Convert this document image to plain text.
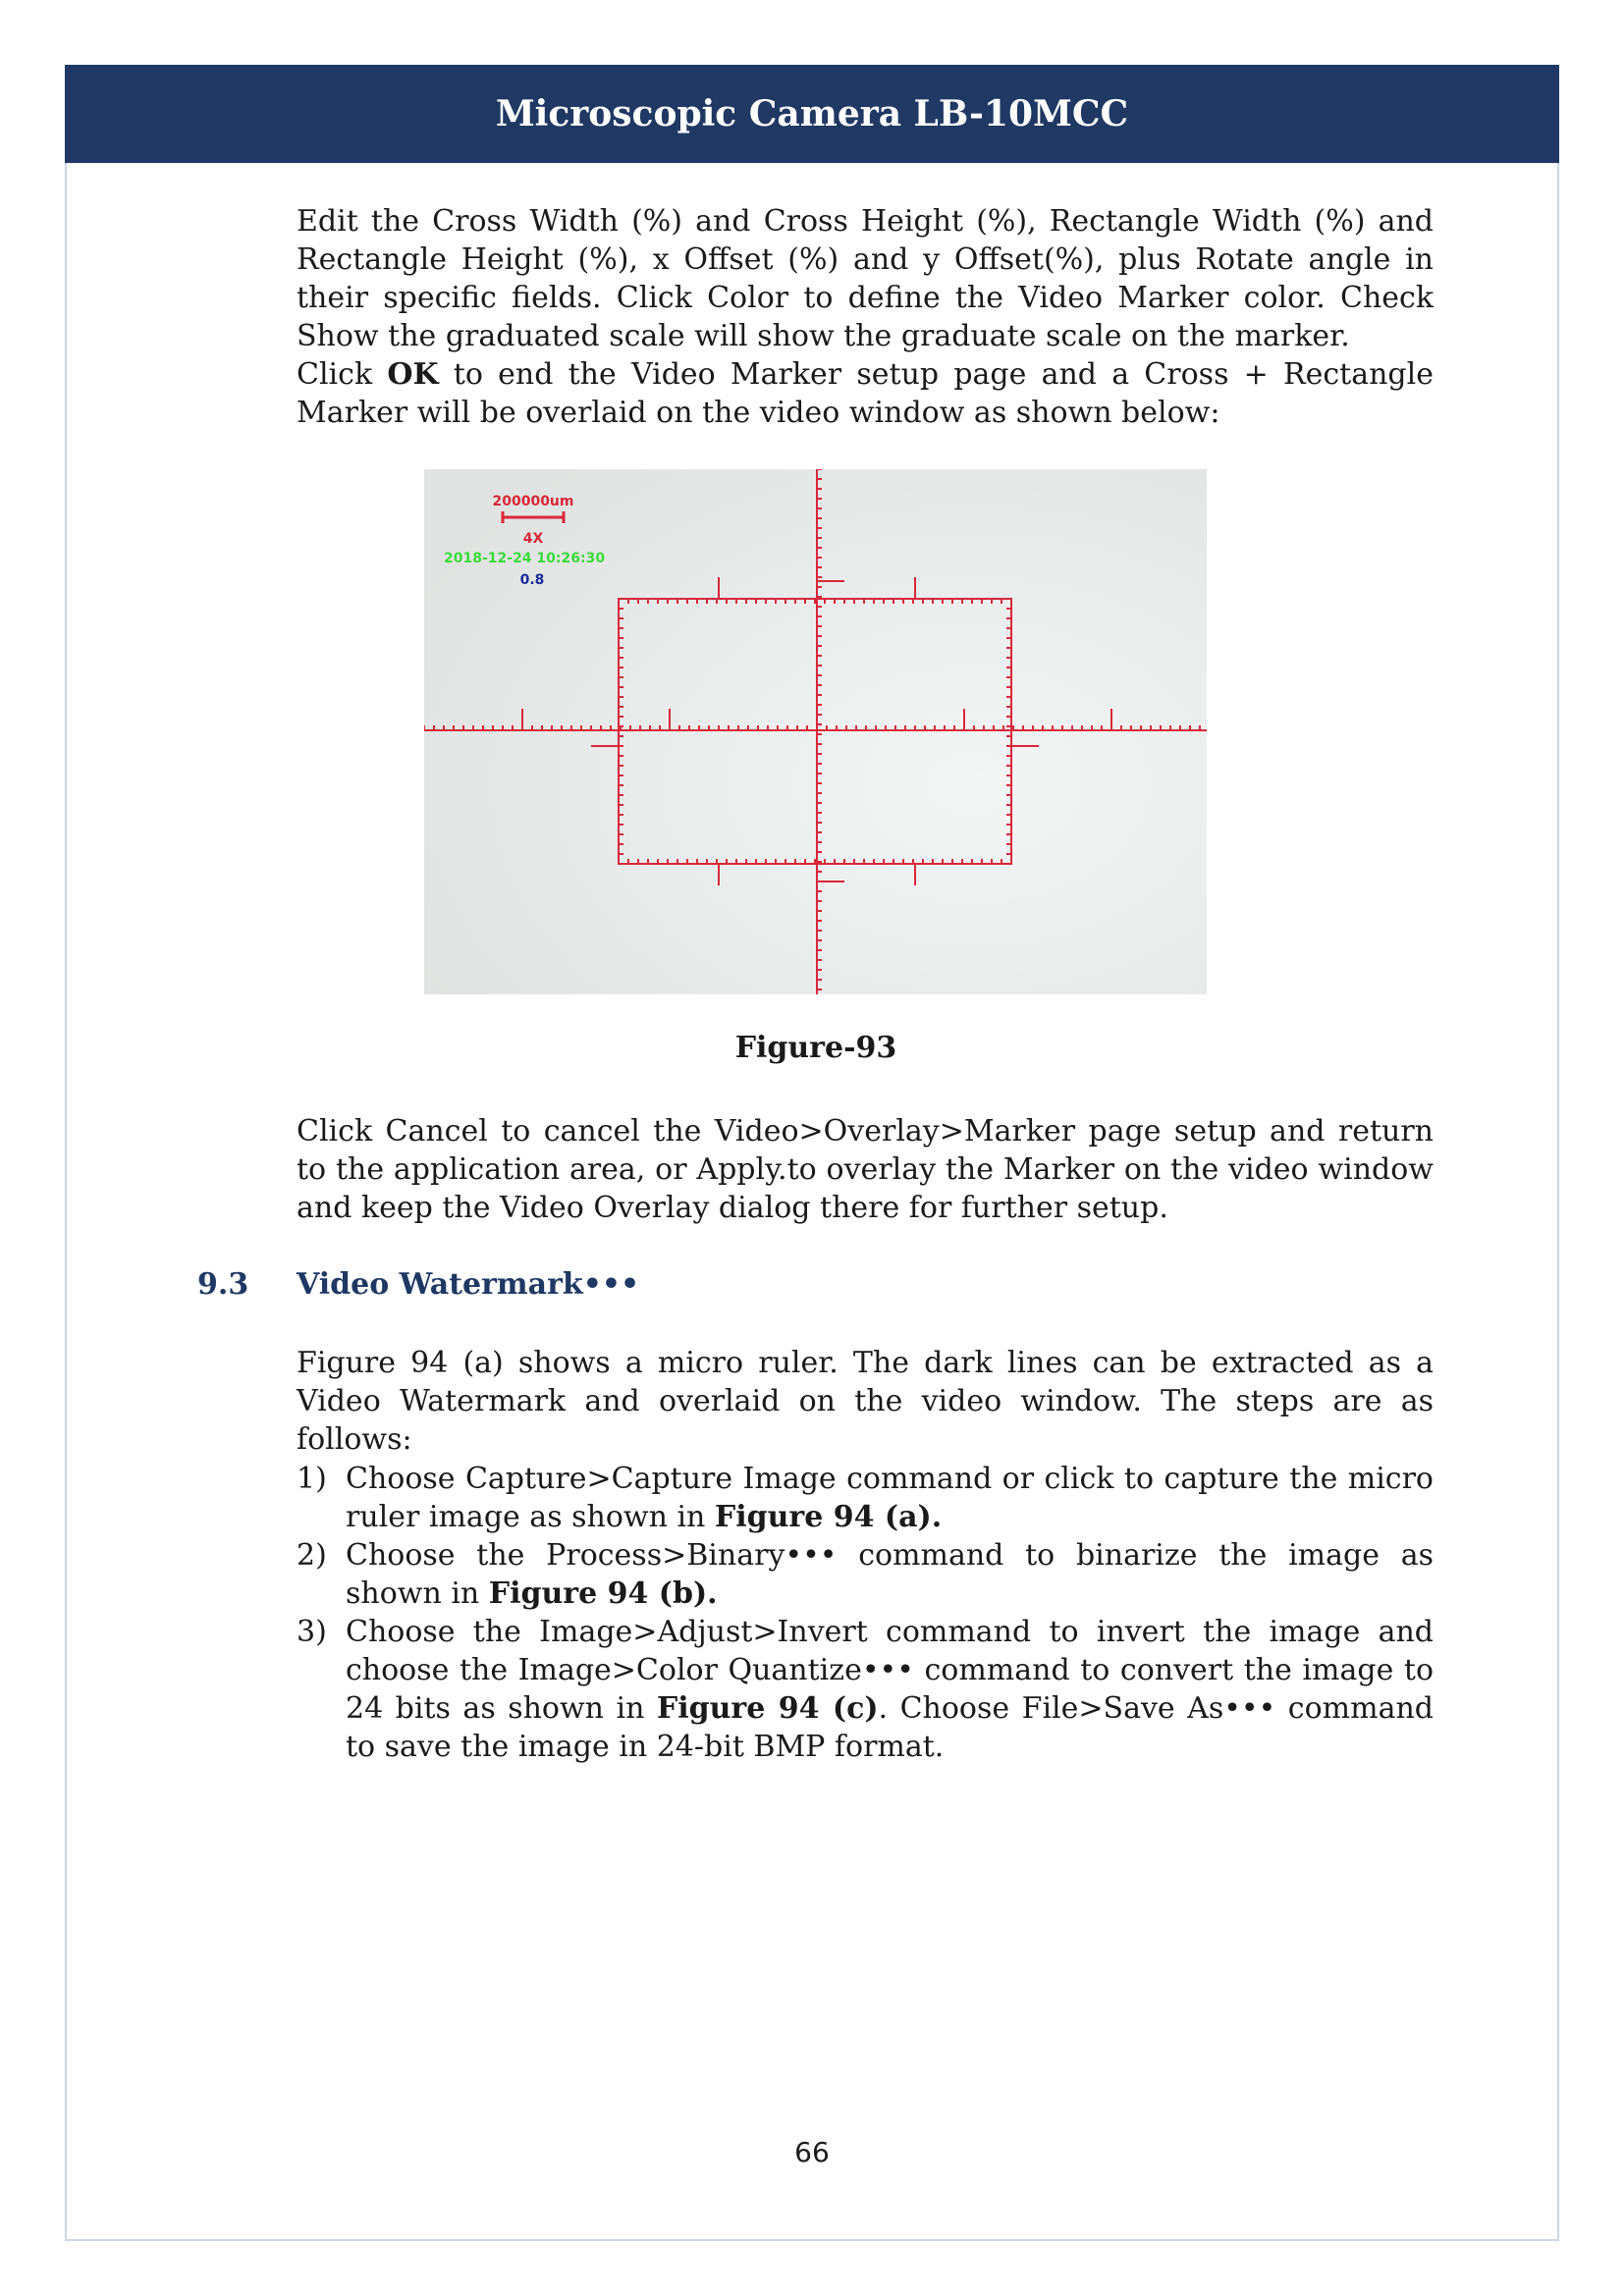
Microscopic Camera LB-10MCC

Edit the Cross Width (%) and Cross Height (%), Rectangle Width (%) and Rectangle Height (%), x Offset (%) and y Offset(%), plus Rotate angle in their specific fields. Click Color to define the Video Marker color. Check Show the graduated scale will show the graduate scale on the marker.

Click OK to end the Video Marker setup page and a Cross + Rectangle Marker will be overlaid on the video window as shown below:

200000um
4X
2018-12-24 10:26:30
0.8
Figure-93

Click Cancel to cancel the Video>Overlay>Marker page setup and return to the application area, or Apply.to overlay the Marker on the video window and keep the Video Overlay dialog there for further setup.

9.3 Video Watermark•••

Figure 94 (a) shows a micro ruler. The dark lines can be extracted as a Video Watermark and overlaid on the video window. The steps are as follows:

1) Choose Capture>Capture Image command or click to capture the micro ruler image as shown in Figure 94 (a).
2) Choose the Process>Binary••• command to binarize the image as shown in Figure 94 (b).
3) Choose the Image>Adjust>Invert command to invert the image and choose the Image>Color Quantize••• command to convert the image to 24 bits as shown in Figure 94 (c). Choose File>Save As••• command to save the image in 24-bit BMP format.
66
